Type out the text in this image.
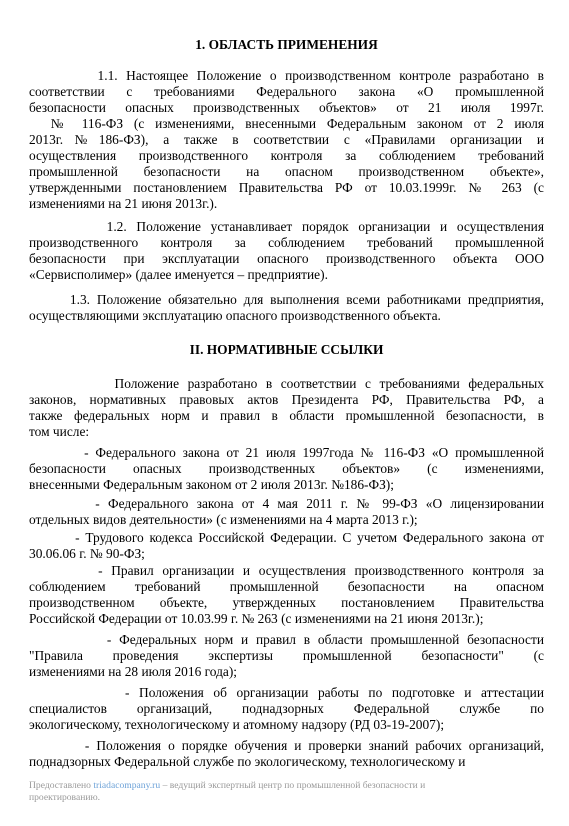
1. ОБЛАСТЬ ПРИМЕНЕНИЯ
1.1. Настоящее Положение о производственном контроле разработано в
соответствии с требованиями Федерального закона «О промышленной
безопасности опасных производственных объектов» от 21 июля 1997г.
№ 116-ФЗ (с изменениями, внесенными Федеральным законом от 2 июля
2013г.№186-ФЗ), а также в соответствии с «Правилами организации и
осуществления производственного контроля за соблюдением требований
промышленной безопасности на опасном производственном объекте»,
утвержденными постановлением Правительства РФ от 10.03.1999г. № 263 (с
изменениями на 21 июня 2013г.).
1.2. Положение устанавливает порядок организации и осуществления
производственного контроля за соблюдением требований промышленной
безопасности при эксплуатации опасного производственного объекта ООО
«Сервисполимер» (далее именуется – предприятие).
1.3. Положение обязательно для выполнения всеми работниками предприятия,
осуществляющими эксплуатацию опасного производственного объекта.
II. НОРМАТИВНЫЕ ССЫЛКИ
Положение разработано в соответствии с требованиями федеральных
законов, нормативных правовых актов Президента РФ, Правительства РФ, а
также федеральных норм и правил в области промышленной безопасности, в
том числе:
- Федерального закона от 21 июля 1997года № 116-ФЗ «О промышленной
безопасности опасных производственных объектов» (с изменениями,
внесенными Федеральным законом от 2 июля 2013г. №186-ФЗ);
- Федерального закона от 4 мая 2011 г. № 99-ФЗ «О лицензировании
отдельных видов деятельности» (с изменениями на 4 марта 2013 г.);
- Трудового кодекса Российской Федерации. С учетом Федерального закона от
30.06.06 г. № 90-ФЗ;
- Правил организации и осуществления производственного контроля за
соблюдением требований промышленной безопасности на опасном
производственном объекте, утвержденных постановлением Правительства
Российской Федерации от 10.03.99 г. № 263 (с изменениями на 21 июня 2013г.);
- Федеральных норм и правил в области промышленной безопасности
"Правила проведения экспертизы промышленной безопасности" (с
изменениями на 28 июля 2016 года);
- Положения об организации работы по подготовке и аттестации
специалистов организаций, поднадзорных Федеральной службе по
экологическому, технологическому и атомному надзору (РД 03-19-2007);
- Положения о порядке обучения и проверки знаний рабочих организаций,
поднадзорных Федеральной службе по экологическому, технологическому и
Предоставлено triadacompany.ru – ведущий экспертный центр по промышленной безопасности и
проектированию.
